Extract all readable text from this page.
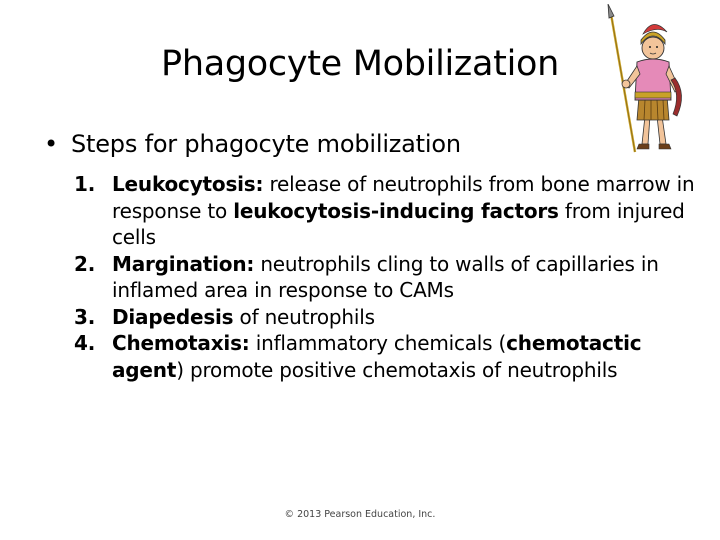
Phagocyte Mobilization
• Steps for phagocyte mobilization
1. Leukocytosis: release of neutrophils from bone marrow in response to leukocytosis-inducing factors from injured cells
2. Margination: neutrophils cling to walls of capillaries in inflamed area in response to CAMs
3. Diapedesis of neutrophils
4. Chemotaxis: inflammatory chemicals (chemotactic agent) promote positive chemotaxis of neutrophils
© 2013 Pearson Education, Inc.
